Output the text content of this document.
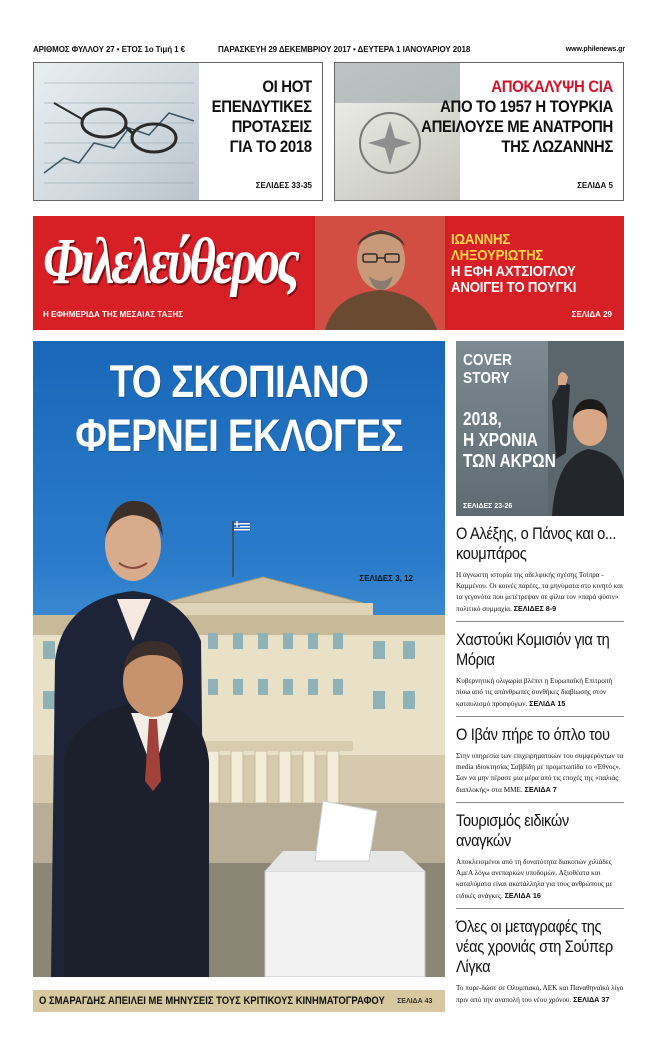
ΑΡΙΘΜΟΣ ΦΥΛΛΟΥ 27 • ΕΤΟΣ 1ο Τιμή 1 €	ΠΑΡΑΣΚΕΥΗ 29 ΔΕΚΕΜΒΡΙΟΥ 2017 • ΔΕΥΤΕΡΑ 1 ΙΑΝΟΥΑΡΙΟΥ 2018	www.philenews.gr
ΟΙ ΗΟΤ
ΕΠΕΝΔΥΤΙΚΕΣ
ΠΡΟΤΑΣΕΙΣ
ΓΙΑ ΤΟ 2018
ΣΕΛΙΔΕΣ 33-35
ΑΠΟΚΑΛΥΨΗ CIA
ΑΠΟ ΤΟ 1957 Η ΤΟΥΡΚΙΑ
ΑΠΕΙΛΟΥΣΕ ΜΕ ΑΝΑΤΡΟΠΗ
ΤΗΣ ΛΩΖΑΝΝΗΣ
ΣΕΛΙΔΑ 5
Φιλελεύθερος
Η ΕΦΗΜΕΡΙΔΑ ΤΗΣ ΜΕΣΑΙΑΣ ΤΑΞΗΣ
ΙΩΑΝΝΗΣ
ΛΗΞΟΥΡΙΩΤΗΣ
Η ΕΦΗ ΑΧΤΣΙΟΓΛΟΥ
ΑΝΟΙΓΕΙ ΤΟ ΠΟΥΓΚΙ
ΣΕΛΙΔΑ 29
ΤΟ ΣΚΟΠΙΑΝΟ
ΦΕΡΝΕΙ ΕΚΛΟΓΕΣ
ΣΕΛΙΔΕΣ 3, 12
COVER
STORY
2018,
Η ΧΡΟΝΙΑ
ΤΩΝ ΑΚΡΩΝ
ΣΕΛΙΔΕΣ 23-26
Ο Αλέξης, ο Πάνος και ο... κουμπάρος

Η άγνωστη ιστορία της αδελφικής σχέσης Τσίπρα - Καμμένου. Οι κοινές παρέες, τα μηνύματα στο κινητό και τα γεγονότα που μετέτρεψαν σε φίλια τον «παρά φύσιν» πολιτικό συμμαχία. ΣΕΛΙΔΕΣ 8-9

Χαστούκι Κομισιόν για τη Μόρια

Κυβερνητική ολιγωρία βλέπει η Ευρωπαϊκή Επιτροπή πίσω από τις απάνθρωπες συνθήκες διαβίωσης στον καταυλισμό προσφύγων. ΣΕΛΙΔΑ 15

Ο Ιβάν πήρε το όπλο του

Στην υπηρεσία των επιχειρηματικών του συμφερόντων τα media ιδιοκτησίας Σαββίδη με προμετωπίδα το «Έθνος». Σαν να μην πέρασε μια μέρα από τις εποχές της «παλιάς διαπλοκής» στα ΜΜΕ. ΣΕΛΙΔΑ 7

Τουρισμός ειδικών αναγκών

Αποκλεισμένοι από τη δυνατότητα διακοπών χιλιάδες ΑμεΑ λόγω ανεπαρκών υποδομών. Αξιοθέατα και καταλύματα είναι ακατάλληλα για τους ανθρώπους με ειδικές ανάγκες. ΣΕΛΙΔΑ 16

Όλες οι μεταγραφές της νέας χρονιάς στη Σούπερ Λίγκα

Το πορε-δώσε σε Ολυμπιακό, ΑΕΚ και Παναθηναϊκό λίγο πριν από την αναπολή του νέου χρόνου. ΣΕΛΙΔΑ 37

Ο ΣΜΑΡΑΓΔΗΣ ΑΠΕΙΛΕΙ ΜΕ ΜΗΝΥΣΕΙΣ ΤΟΥΣ ΚΡΙΤΙΚΟΥΣ ΚΙΝΗΜΑΤΟΓΡΑΦΟΥ ΣΕΛΙΔΑ 43
